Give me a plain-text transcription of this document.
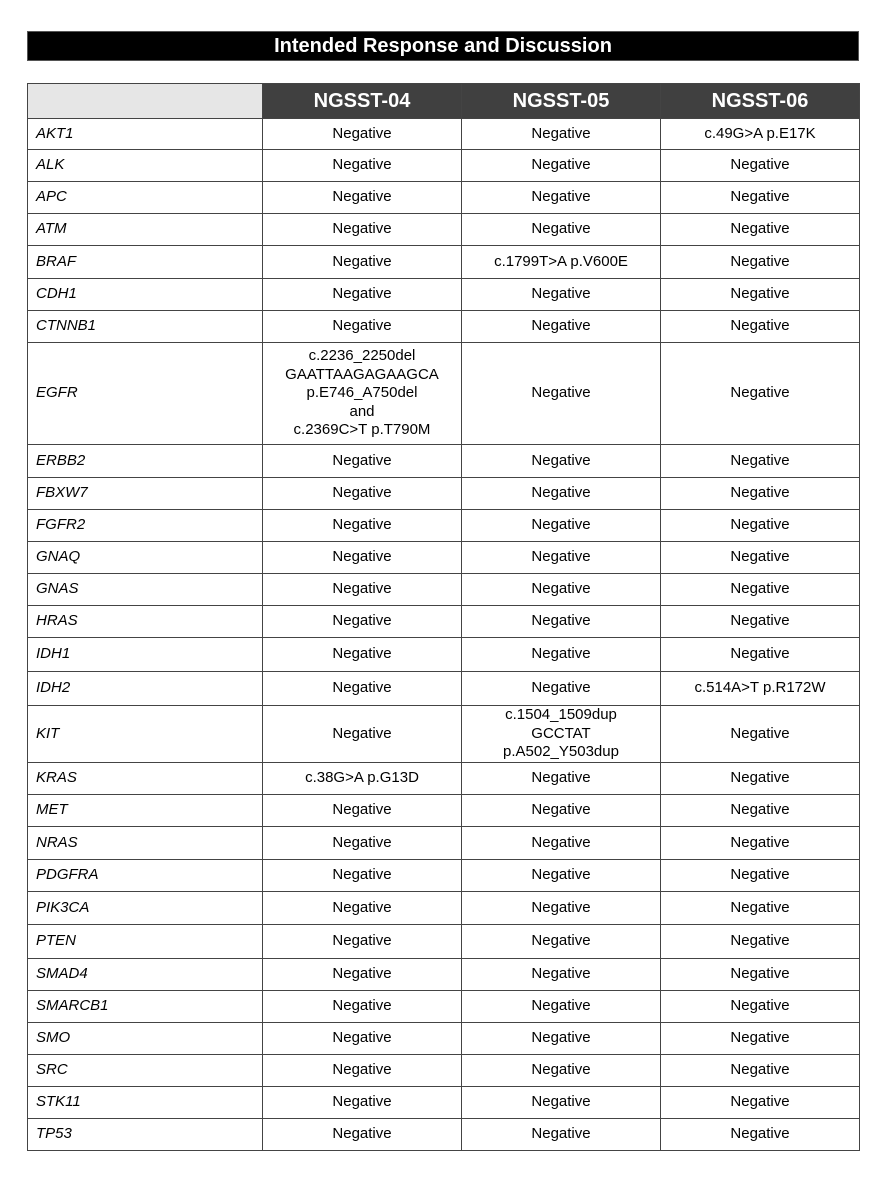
Intended Response and Discussion
	NGSST-04	NGSST-05	NGSST-06
AKT1	Negative	Negative	c.49G>A p.E17K
ALK	Negative	Negative	Negative
APC	Negative	Negative	Negative
ATM	Negative	Negative	Negative
BRAF	Negative	c.1799T>A p.V600E	Negative
CDH1	Negative	Negative	Negative
CTNNB1	Negative	Negative	Negative
EGFR	c.2236_2250del
GAATTAAGAGAAGCA
p.E746_A750del
and
c.2369C>T p.T790M	Negative	Negative
ERBB2	Negative	Negative	Negative
FBXW7	Negative	Negative	Negative
FGFR2	Negative	Negative	Negative
GNAQ	Negative	Negative	Negative
GNAS	Negative	Negative	Negative
HRAS	Negative	Negative	Negative
IDH1	Negative	Negative	Negative
IDH2	Negative	Negative	c.514A>T p.R172W
KIT	Negative	c.1504_1509dup
GCCTAT
p.A502_Y503dup	Negative
KRAS	c.38G>A p.G13D	Negative	Negative
MET	Negative	Negative	Negative
NRAS	Negative	Negative	Negative
PDGFRA	Negative	Negative	Negative
PIK3CA	Negative	Negative	Negative
PTEN	Negative	Negative	Negative
SMAD4	Negative	Negative	Negative
SMARCB1	Negative	Negative	Negative
SMO	Negative	Negative	Negative
SRC	Negative	Negative	Negative
STK11	Negative	Negative	Negative
TP53	Negative	Negative	Negative
